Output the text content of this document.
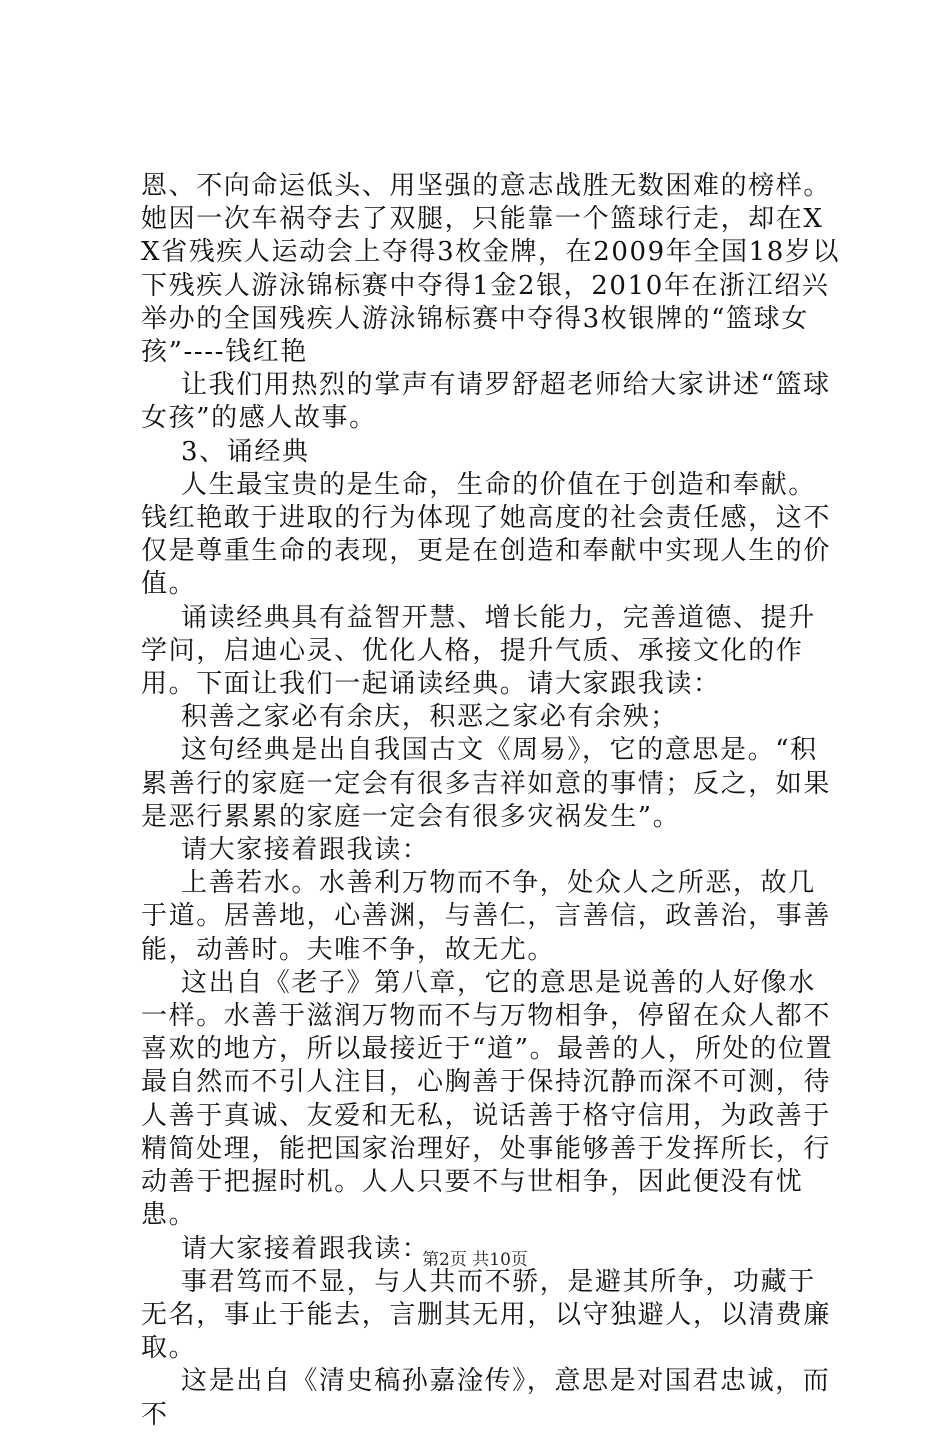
恩、不向命运低头、用坚强的意志战胜无数困难的榜样。她因一次车祸夺去了双腿，只能靠一个篮球行走，却在XX省残疾人运动会上夺得3枚金牌，在2009年全国18岁以下残疾人游泳锦标赛中夺得1金2银，2010年在浙江绍兴举办的全国残疾人游泳锦标赛中夺得3枚银牌的“篮球女孩”----钱红艳

让我们用热烈的掌声有请罗舒超老师给大家讲述“篮球女孩”的感人故事。

3、诵经典

人生最宝贵的是生命，生命的价值在于创造和奉献。钱红艳敢于进取的行为体现了她高度的社会责任感，这不仅是尊重生命的表现，更是在创造和奉献中实现人生的价值。

诵读经典具有益智开慧、增长能力，完善道德、提升学问，启迪心灵、优化人格，提升气质、承接文化的作用。下面让我们一起诵读经典。请大家跟我读：

积善之家必有余庆，积恶之家必有余殃；

这句经典是出自我国古文《周易》，它的意思是。“积累善行的家庭一定会有很多吉祥如意的事情；反之，如果是恶行累累的家庭一定会有很多灾祸发生”。

请大家接着跟我读：

上善若水。水善利万物而不争，处众人之所恶，故几于道。居善地，心善渊，与善仁，言善信，政善治，事善能，动善时。夫唯不争，故无尤。

这出自《老子》第八章，它的意思是说善的人好像水一样。水善于滋润万物而不与万物相争，停留在众人都不喜欢的地方，所以最接近于“道”。最善的人，所处的位置最自然而不引人注目，心胸善于保持沉静而深不可测，待人善于真诚、友爱和无私，说话善于格守信用，为政善于精简处理，能把国家治理好，处事能够善于发挥所长，行动善于把握时机。人人只要不与世相争，因此便没有忧患。

请大家接着跟我读：

事君笃而不显，与人共而不骄，是避其所争，功藏于无名，事止于能去，言删其无用，以守独避人，以清费廉取。

这是出自《清史稿孙嘉淦传》，意思是对国君忠诚，而不

第2页 共10页
